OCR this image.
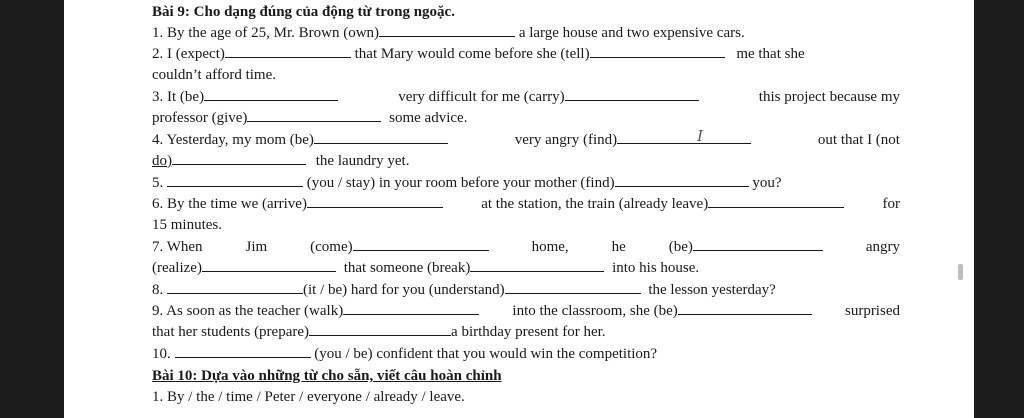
Bài 9: Cho dạng đúng của động từ trong ngoặc.
1. By the age of 25, Mr. Brown (own)	a large house and two expensive cars.
2. I (expect)	that Mary would come before she (tell)	me that she
couldn’t afford time.
3. It (be)	very difficult for me (carry)	this project because my
professor (give)	some advice.
4. Yesterday, my mom (be)	very angry (find)	I	out that I (not
do)	the laundry yet.
5.	(you / stay) in your room before your mother (find)	you?
6. By the time we (arrive)	at the station, the train (already leave)	for
15 minutes.
7. When	Jim	(come)	home,	he	(be)	angry
(realize)	that someone (break)	into his house.
8.	(it / be) hard for you (understand)	the lesson yesterday?
9. As soon as the teacher (walk)	into the classroom, she (be)	surprised
that her students (prepare)	a birthday present for her.
10.	(you / be) confident that you would win the competition?
Bài 10: Dựa vào những từ cho sẵn, viết câu hoàn chỉnh
1. By / the / time / Peter / everyone / already / leave.
